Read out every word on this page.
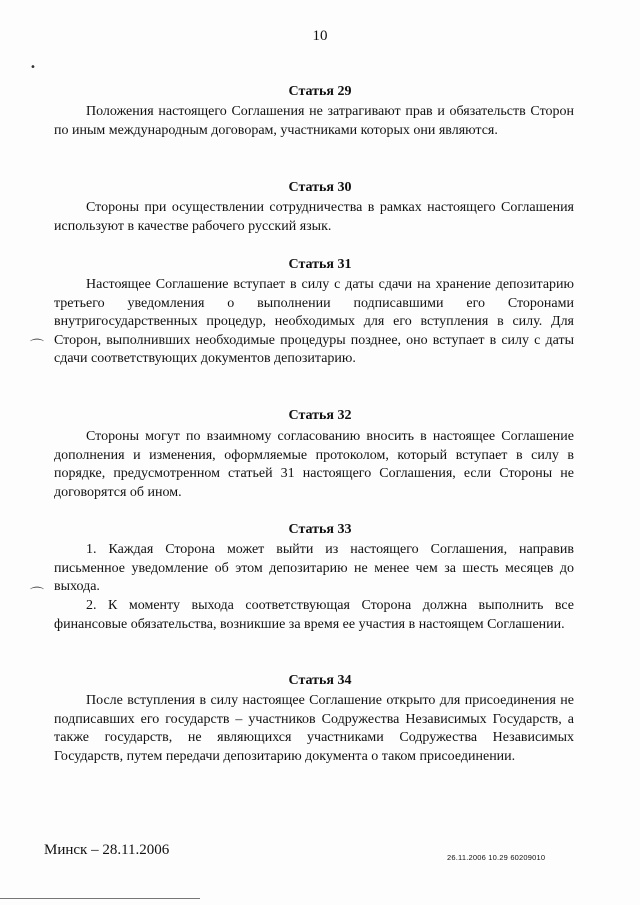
10
Статья 29

Положения настоящего Соглашения не затрагивают прав и обязательств Сторон по иным международным договорам, участниками которых они являются.

Статья 30

Стороны при осуществлении сотрудничества в рамках настоящего Соглашения используют в качестве рабочего русский язык.

Статья 31

Настоящее Соглашение вступает в силу с даты сдачи на хранение депозитарию третьего уведомления о выполнении подписавшими его Сторонами внутригосударственных процедур, необходимых для его вступления в силу. Для Сторон, выполнивших необходимые процедуры позднее, оно вступает в силу с даты сдачи соответствующих документов депозитарию.

Статья 32

Стороны могут по взаимному согласованию вносить в настоящее Соглашение дополнения и изменения, оформляемые протоколом, который вступает в силу в порядке, предусмотренном статьей 31 настоящего Соглашения, если Стороны не договорятся об ином.

Статья 33

1. Каждая Сторона может выйти из настоящего Соглашения, направив письменное уведомление об этом депозитарию не менее чем за шесть месяцев до выхода.

2. К моменту выхода соответствующая Сторона должна выполнить все финансовые обязательства, возникшие за время ее участия в настоящем Соглашении.

Статья 34

После вступления в силу настоящее Соглашение открыто для присоединения не подписавших его государств – участников Содружества Независимых Государств, а также государств, не являющихся участниками Содружества Независимых Государств, путем передачи депозитарию документа о таком присоединении.

Минск – 28.11.2006	26.11.2006 10.29 60209010
•
⌒
⌒
